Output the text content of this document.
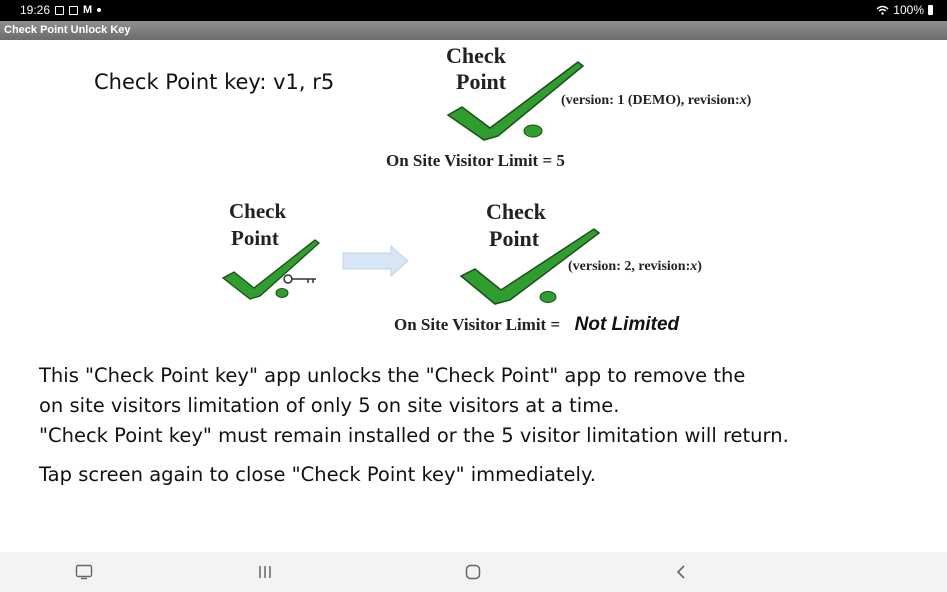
19:26	M	100%
Check Point Unlock Key
Check Point key: v1, r5
Check
Point
(version: 1 (DEMO), revision:x)
On Site Visitor Limit = 5
Check
Point
Check
Point
(version: 2, revision:x)
On Site Visitor Limit = Not Limited
This "Check Point key" app unlocks the "Check Point" app to remove the
on site visitors limitation of only 5 on site visitors at a time.
"Check Point key" must remain installed or the 5 visitor limitation will return.
Tap screen again to close "Check Point key" immediately.
